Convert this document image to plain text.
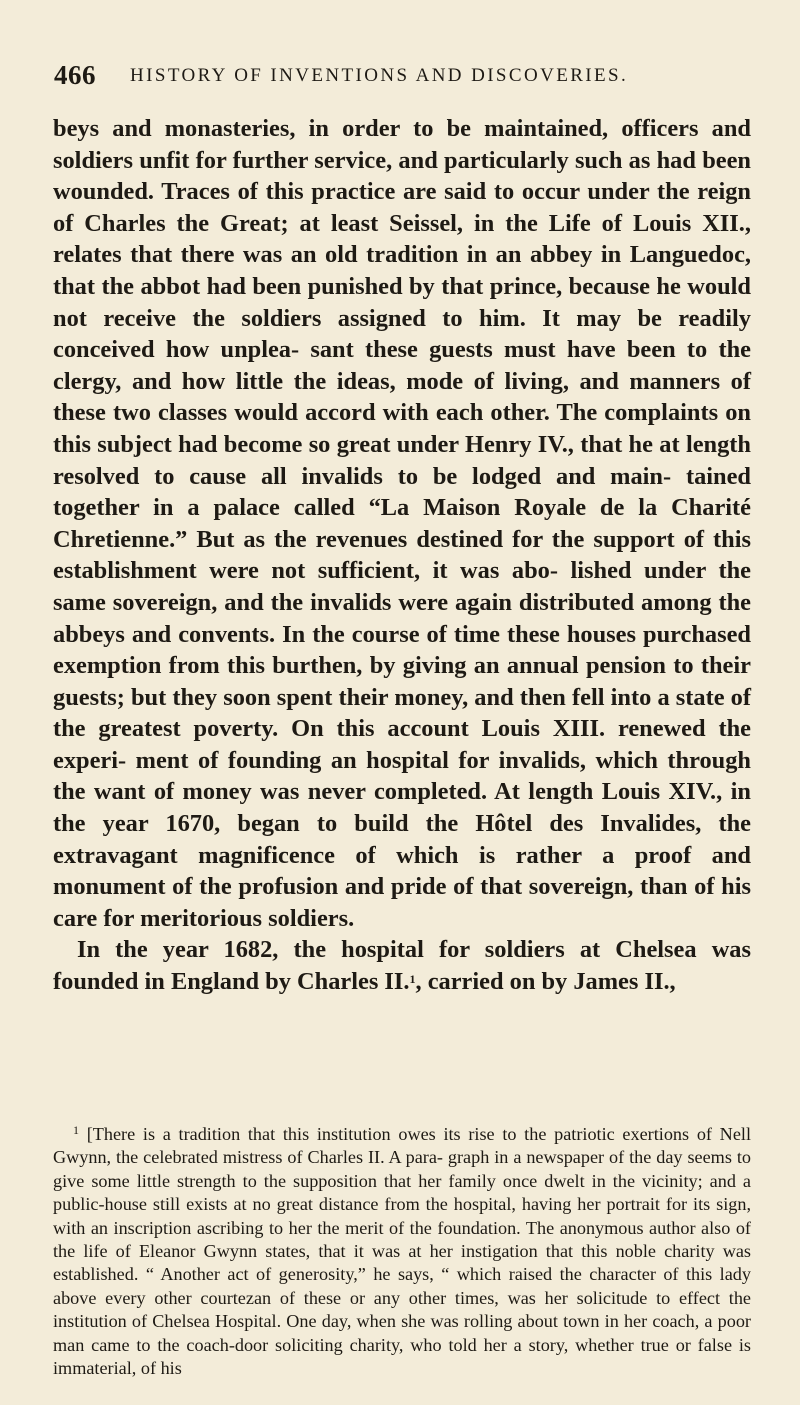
466 HISTORY OF INVENTIONS AND DISCOVERIES.

beys and monasteries, in order to be maintained, officers and soldiers unfit for further service, and particularly such as had been wounded. Traces of this practice are said to occur under the reign of Charles the Great; at least Seissel, in the Life of Louis XII., relates that there was an old tradition in an abbey in Languedoc, that the abbot had been punished by that prince, because he would not receive the soldiers assigned to him. It may be readily conceived how unplea- sant these guests must have been to the clergy, and how little the ideas, mode of living, and manners of these two classes would accord with each other. The complaints on this subject had become so great under Henry IV., that he at length resolved to cause all invalids to be lodged and main- tained together in a palace called “La Maison Royale de la Charité Chretienne.” But as the revenues destined for the support of this establishment were not sufficient, it was abo- lished under the same sovereign, and the invalids were again distributed among the abbeys and convents. In the course of time these houses purchased exemption from this burthen, by giving an annual pension to their guests; but they soon spent their money, and then fell into a state of the greatest poverty. On this account Louis XIII. renewed the experi- ment of founding an hospital for invalids, which through the want of money was never completed. At length Louis XIV., in the year 1670, began to build the Hôtel des Invalides, the extravagant magnificence of which is rather a proof and monument of the profusion and pride of that sovereign, than of his care for meritorious soldiers.

In the year 1682, the hospital for soldiers at Chelsea was founded in England by Charles II.$^1$, carried on by James II.,

$^1$ [There is a tradition that this institution owes its rise to the patriotic exertions of Nell Gwynn, the celebrated mistress of Charles II. A para- graph in a newspaper of the day seems to give some little strength to the supposition that her family once dwelt in the vicinity; and a public-house still exists at no great distance from the hospital, having her portrait for its sign, with an inscription ascribing to her the merit of the foundation. The anonymous author also of the life of Eleanor Gwynn states, that it was at her instigation that this noble charity was established. “ Another act of generosity,” he says, “ which raised the character of this lady above every other courtezan of these or any other times, was her solicitude to effect the institution of Chelsea Hospital. One day, when she was rolling about town in her coach, a poor man came to the coach-door soliciting charity, who told her a story, whether true or false is immaterial, of his
